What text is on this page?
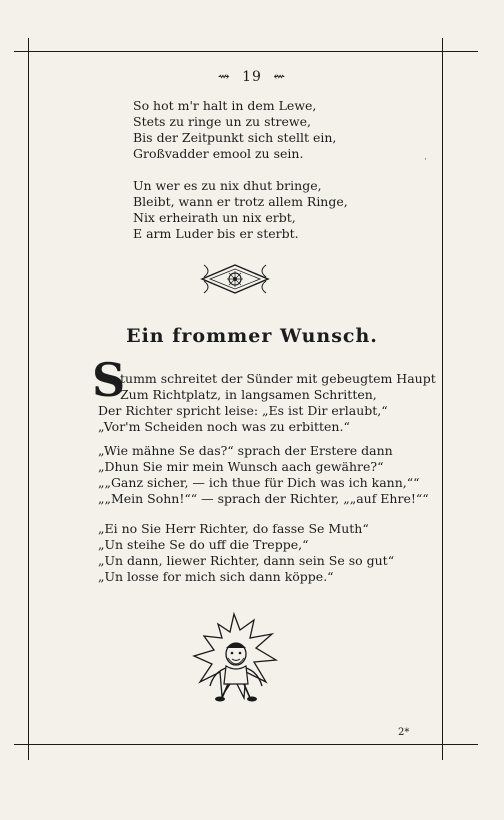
⇝ 19 ⇜
So hot m'r halt in dem Lewe,
Stets zu ringe un zu strewe,
Bis der Zeitpunkt sich stellt ein,
Großvadder emool zu sein.
Un wer es zu nix dhut bringe,
Bleibt, wann er trotz allem Ringe,
Nix erheirath un nix erbt,
E arm Luder bis er sterbt.
Ein frommer Wunsch.
S
tumm schreitet der Sünder mit gebeugtem Haupt
Zum Richtplatz, in langsamen Schritten,
Der Richter spricht leise: „Es ist Dir erlaubt,“
„Vor'm Scheiden noch was zu erbitten.“
„Wie mähne Se das?“ sprach der Erstere dann
„Dhun Sie mir mein Wunsch aach gewähre?“
„„Ganz sicher, — ich thue für Dich was ich kann,““
„„Mein Sohn!““ — sprach der Richter, „„auf Ehre!““
„Ei no Sie Herr Richter, do fasse Se Muth“
„Un steihe Se do uff die Treppe,“
„Un dann, liewer Richter, dann sein Se so gut“
„Un losse for mich sich dann köppe.“
·
2*
